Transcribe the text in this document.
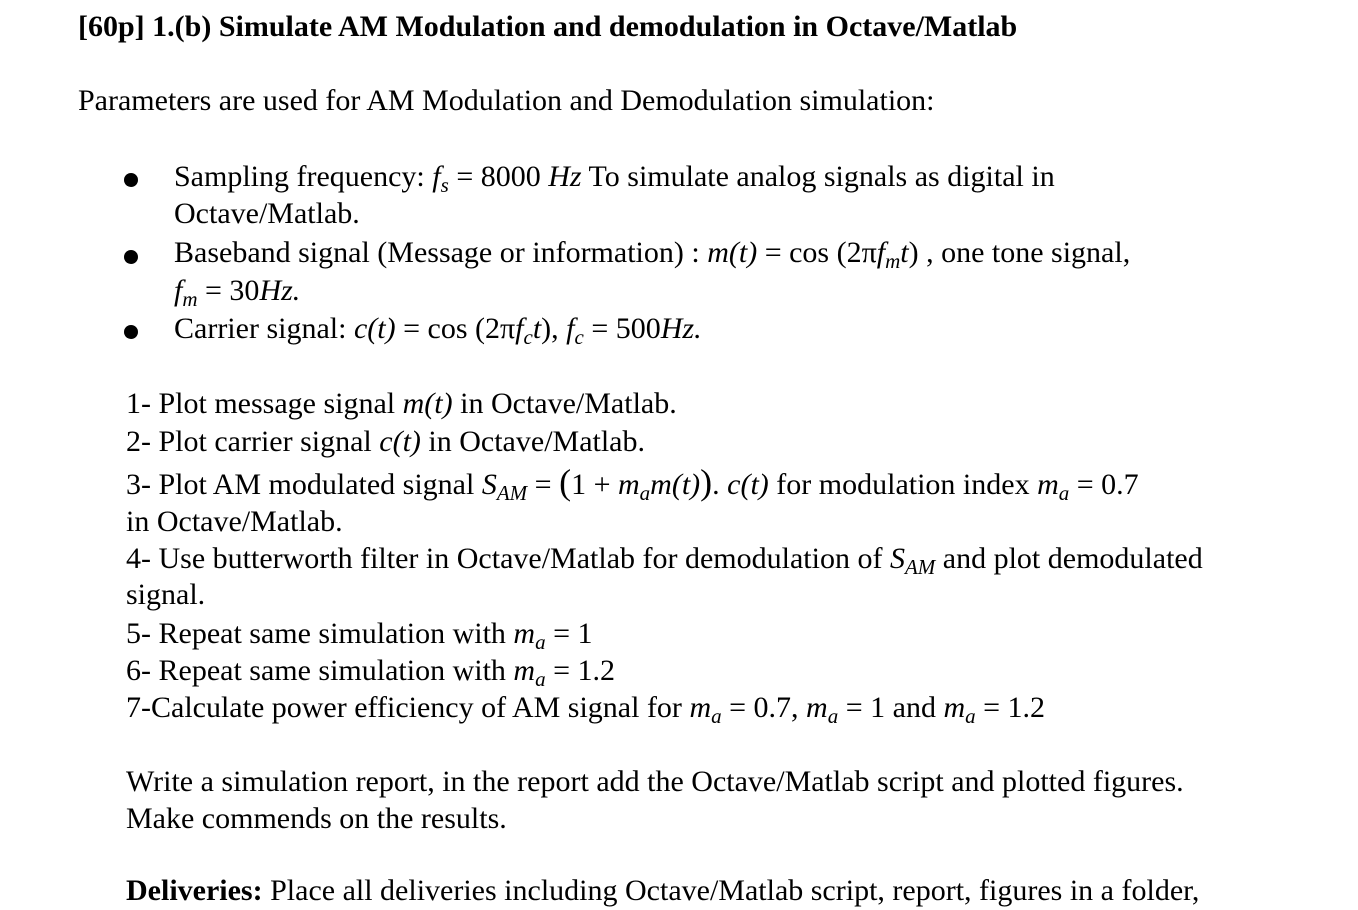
[60p] 1.(b) Simulate AM Modulation and demodulation in Octave/Matlab
Parameters are used for AM Modulation and Demodulation simulation:
Sampling frequency: $f_s = 8000$ Hz To simulate analog signals as digital in
Octave/Matlab.
Baseband signal (Message or information) : $m(t) = \cos (2\pi f_mt)$ , one tone signal,
$f_m = 30Hz$.
Carrier signal: $c(t) = \cos (2\pi f_ct)$, $f_c = 500Hz$.
1- Plot message signal m(t) in Octave/Matlab.
2- Plot carrier signal c(t) in Octave/Matlab.
3- Plot AM modulated signal $S_{AM} = (1 + m_am(t))$. c(t) for modulation index $m_a = 0.7$
in Octave/Matlab.
4- Use butterworth filter in Octave/Matlab for demodulation of $S_{AM}$ and plot demodulated
signal.
5- Repeat same simulation with $m_a = 1$
6- Repeat same simulation with $m_a = 1.2$
7-Calculate power efficiency of AM signal for $m_a = 0.7$, $m_a = 1$ and $m_a = 1.2$
Write a simulation report, in the report add the Octave/Matlab script and plotted figures.
Make commends on the results.
Deliveries: Place all deliveries including Octave/Matlab script, report, figures in a folder,
